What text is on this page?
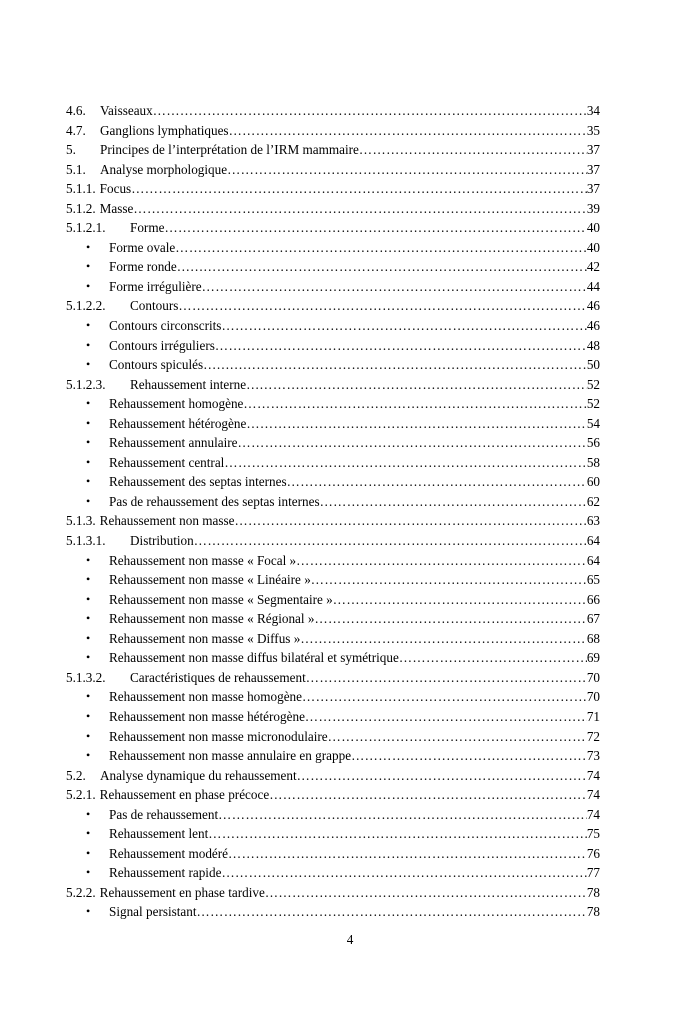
4.6.	Vaisseaux ……………………………………………………………………………………………………………………………………………………………………………………………………	34
4.7.	Ganglions lymphatiques ……………………………………………………………………………………………………………………………………………………………………………………………………	35
5.	Principes de l’interprétation de l’IRM mammaire ……………………………………………………………………………………………………………………………………………………………………………………………………	37
5.1.	Analyse morphologique ……………………………………………………………………………………………………………………………………………………………………………………………………	37
5.1.1. Focus ……………………………………………………………………………………………………………………………………………………………………………………………………	37
5.1.2. Masse ……………………………………………………………………………………………………………………………………………………………………………………………………	39
5.1.2.1.	Forme ……………………………………………………………………………………………………………………………………………………………………………………………………	40
•	Forme ovale ……………………………………………………………………………………………………………………………………………………………………………………………………	40
•	Forme ronde…… ……………………………………………………………………………………………………………………………………………………………………………………………………	42
•	Forme irrégulière ……………………………………………………………………………………………………………………………………………………………………………………………………	44
5.1.2.2.	Contours ……………………………………………………………………………………………………………………………………………………………………………………………………	46
•	Contours circonscrits ……………………………………………………………………………………………………………………………………………………………………………………………………	46
•	Contours irréguliers ……………………………………………………………………………………………………………………………………………………………………………………………………	48
•	Contours spiculés……… ……………………………………………………………………………………………………………………………………………………………………………………………………	50
5.1.2.3.	Rehaussement interne… ……………………………………………………………………………………………………………………………………………………………………………………………………	52
•	Rehaussement homogène ……………………………………………………………………………………………………………………………………………………………………………………………………	52
•	Rehaussement hétérogène ……………………………………………………………………………………………………………………………………………………………………………………………………	54
•	Rehaussement annulaire ……………………………………………………………………………………………………………………………………………………………………………………………………	56
•	Rehaussement central ……………………………………………………………………………………………………………………………………………………………………………………………………	58
•	Rehaussement des septas internes ……………………………………………………………………………………………………………………………………………………………………………………………………	60
•	Pas de rehaussement des septas internes ……………………………………………………………………………………………………………………………………………………………………………………………………	62
5.1.3. Rehaussement non masse ……………………………………………………………………………………………………………………………………………………………………………………………………	63
5.1.3.1.	Distribution ……………………………………………………………………………………………………………………………………………………………………………………………………	64
•	Rehaussement non masse « Focal » ……………………………………………………………………………………………………………………………………………………………………………………………………	64
•	Rehaussement non masse « Linéaire » ……………………………………………………………………………………………………………………………………………………………………………………………………	65
•	Rehaussement non masse « Segmentaire » ……………………………………………………………………………………………………………………………………………………………………………………………………	66
•	Rehaussement non masse « Régional » ……………………………………………………………………………………………………………………………………………………………………………………………………	67
•	Rehaussement non masse « Diffus » ……………………………………………………………………………………………………………………………………………………………………………………………………	68
•	Rehaussement non masse diffus bilatéral et symétrique ……………………………………………………………………………………………………………………………………………………………………………………………………	69
5.1.3.2.	Caractéristiques de rehaussement ……………………………………………………………………………………………………………………………………………………………………………………………………	70
•	Rehaussement non masse homogène ……………………………………………………………………………………………………………………………………………………………………………………………………	70
•	Rehaussement non masse hétérogène ……………………………………………………………………………………………………………………………………………………………………………………………………	71
•	Rehaussement non masse micronodulaire ……………………………………………………………………………………………………………………………………………………………………………………………………	72
•	Rehaussement non masse annulaire en grappe ……………………………………………………………………………………………………………………………………………………………………………………………………	73
5.2.	Analyse dynamique du rehaussement ……………………………………………………………………………………………………………………………………………………………………………………………………	74
5.2.1. Rehaussement en phase précoce ……………………………………………………………………………………………………………………………………………………………………………………………………	74
•	Pas de rehaussement ……………………………………………………………………………………………………………………………………………………………………………………………………	74
•	Rehaussement lent ……………………………………………………………………………………………………………………………………………………………………………………………………	75
•	Rehaussement modéré ……………………………………………………………………………………………………………………………………………………………………………………………………	76
•	Rehaussement rapide ……………………………………………………………………………………………………………………………………………………………………………………………………	77
5.2.2. Rehaussement en phase tardive ……………………………………………………………………………………………………………………………………………………………………………………………………	78
•	Signal persistant ……………………………………………………………………………………………………………………………………………………………………………………………………	78
4
